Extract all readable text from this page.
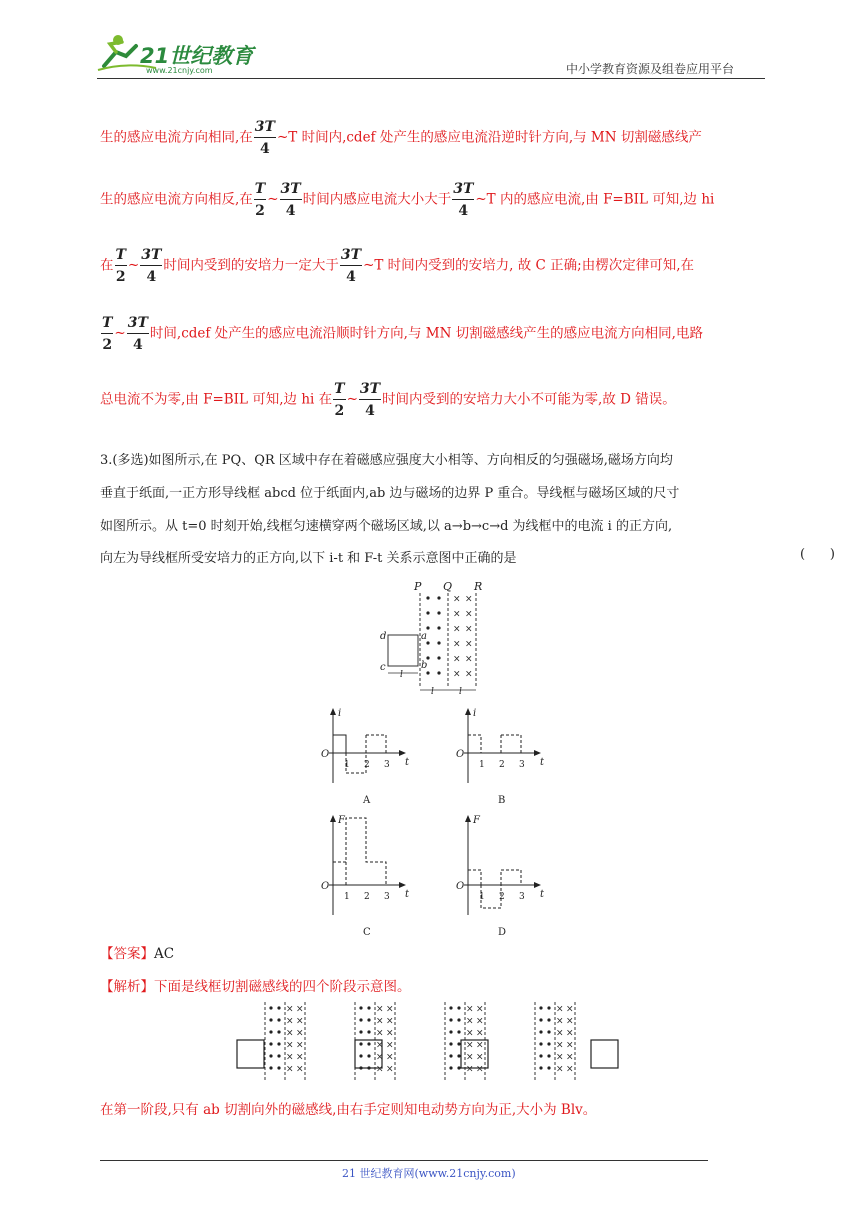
21世纪教育
www.21cnjy.com	中小学教育资源及组卷应用平台
生的感应电流方向相同,在 $\frac{3T}{4}$ ~T 时间内,cdef 处产生的感应电流沿逆时针方向,与 MN 切割磁感线产
生的感应电流方向相反,在 $\frac{T}{2}$ ~ $\frac{3T}{4}$ 时间内感应电流大小大于 $\frac{3T}{4}$ ~T 内的感应电流,由 F=BIL 可知,边 hi
在 $\frac{T}{2}$ ~ $\frac{3T}{4}$ 时间内受到的安培力一定大于 $\frac{3T}{4}$ ~T 时间内受到的安培力, 故 C 正确;由楞次定律可知,在
$\frac{T}{2}$ ~ $\frac{3T}{4}$ 时间,cdef 处产生的感应电流沿顺时针方向,与 MN 切割磁感线产生的感应电流方向相同,电路
总电流不为零,由 F=BIL 可知,边 hi 在 $\frac{T}{2}$ ~ $\frac{3T}{4}$ 时间内受到的安培力大小不可能为零,故 D 错误。
3.(多选)如图所示,在 PQ、QR 区域中存在着磁感应强度大小相等、方向相反的匀强磁场,磁场方向均
垂直于纸面,一正方形导线框 abcd 位于纸面内,ab 边与磁场的边界 P 重合。导线框与磁场区域的尺寸
如图所示。从 t=0 时刻开始,线框匀速横穿两个磁场区域,以 a→b→c→d 为线框中的电流 i 的正方向,
向左为导线框所受安培力的正方向,以下 i-t 和 F-t 关系示意图中正确的是	(      )
P Q R
× ×
× ×
× ×
× ×
× ×
× ×
d
c
a
b
l
l	l
i
t
O
1 2 3
A
i
t
O
1 2 3
B
F
t
O
1 2 3
C
F
t
O
1 2 3
D
【答案】AC
【解析】下面是线框切割磁感线的四个阶段示意图。
× ×
× ×
× ×
× ×
× ×
× ×
× ×
× ×
× ×
× ×
× ×
× ×
× ×
× ×
× ×
× ×
× ×
× ×
× ×
× ×
× ×
× ×
× ×
× ×
在第一阶段,只有 ab 切割向外的磁感线,由右手定则知电动势方向为正,大小为 Blv。
21 世纪教育网(www.21cnjy.com)
